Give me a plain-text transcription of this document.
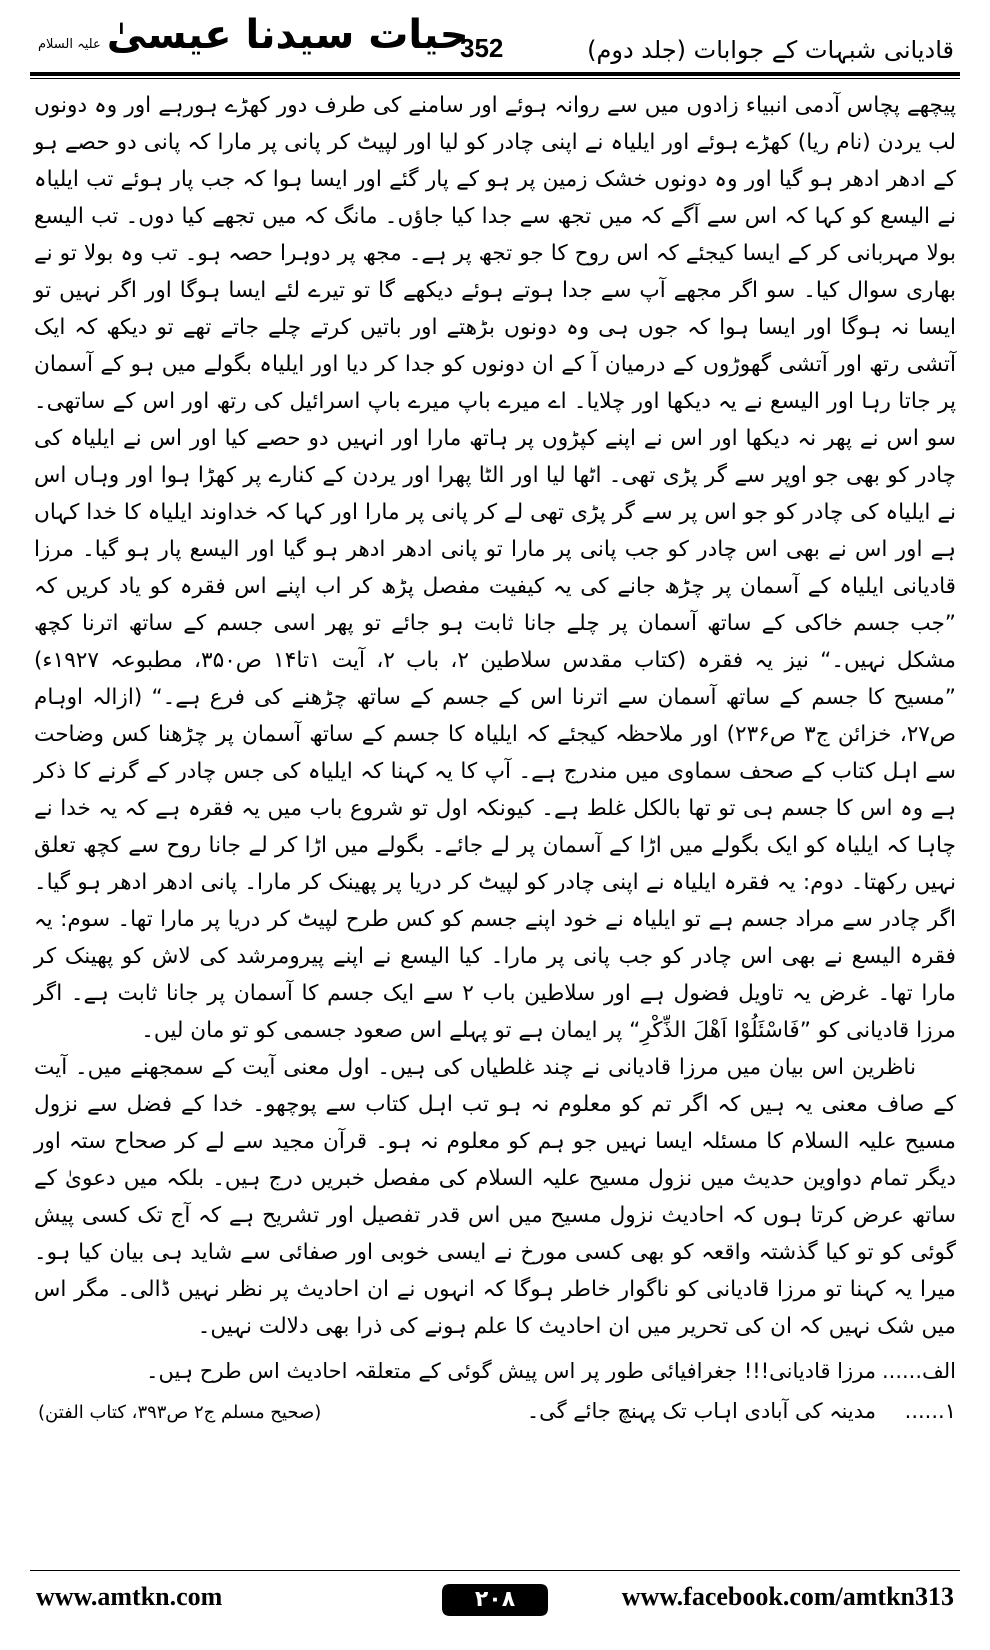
حیات سیدنا عیسیٰ
علیہ السلام	352	قادیانی شبہات کے جوابات (جلد دوم)

پیچھے پچاس آدمی انبیاء زادوں میں سے روانہ ہوئے اور سامنے کی طرف دور کھڑے ہورہے اور وہ دونوں لب یردن (نام ریا) کھڑے ہوئے اور ایلیاہ نے اپنی چادر کو لیا اور لپیٹ کر پانی پر مارا کہ پانی دو حصے ہو کے ادھر ادھر ہو گیا اور وہ دونوں خشک زمین پر ہو کے پار گئے اور ایسا ہوا کہ جب پار ہوئے تب ایلیاہ نے الیسع کو کہا کہ اس سے آگے کہ میں تجھ سے جدا کیا جاؤں۔ مانگ کہ میں تجھے کیا دوں۔ تب الیسع بولا مہربانی کر کے ایسا کیجئے کہ اس روح کا جو تجھ پر ہے۔ مجھ پر دوہرا حصہ ہو۔ تب وہ بولا تو نے بھاری سوال کیا۔ سو اگر مجھے آپ سے جدا ہوتے ہوئے دیکھے گا تو تیرے لئے ایسا ہوگا اور اگر نہیں تو ایسا نہ ہوگا اور ایسا ہوا کہ جوں ہی وہ دونوں بڑھتے اور باتیں کرتے چلے جاتے تھے تو دیکھ کہ ایک آتشی رتھ اور آتشی گھوڑوں کے درمیان آ کے ان دونوں کو جدا کر دیا اور ایلیاہ بگولے میں ہو کے آسمان پر جاتا رہا اور الیسع نے یہ دیکھا اور چلایا۔ اے میرے باپ میرے باپ اسرائیل کی رتھ اور اس کے ساتھی۔ سو اس نے پھر نہ دیکھا اور اس نے اپنے کپڑوں پر ہاتھ مارا اور انہیں دو حصے کیا اور اس نے ایلیاہ کی چادر کو بھی جو اوپر سے گر پڑی تھی۔ اٹھا لیا اور الٹا پھرا اور یردن کے کنارے پر کھڑا ہوا اور وہاں اس نے ایلیاہ کی چادر کو جو اس پر سے گر پڑی تھی لے کر پانی پر مارا اور کہا کہ خداوند ایلیاہ کا خدا کہاں ہے اور اس نے بھی اس چادر کو جب پانی پر مارا تو پانی ادھر ادھر ہو گیا اور الیسع پار ہو گیا۔ مرزا قادیانی ایلیاہ کے آسمان پر چڑھ جانے کی یہ کیفیت مفصل پڑھ کر اب اپنے اس فقرہ کو یاد کریں کہ ”جب جسم خاکی کے ساتھ آسمان پر چلے جانا ثابت ہو جائے تو پھر اسی جسم کے ساتھ اترنا کچھ مشکل نہیں۔“ نیز یہ فقرہ (کتاب مقدس سلاطین ۲، باب ۲، آیت ۱تا۱۴ ص۳۵۰، مطبوعہ ۱۹۲۷ء) ”مسیح کا جسم کے ساتھ آسمان سے اترنا اس کے جسم کے ساتھ چڑھنے کی فرع ہے۔“ (ازالہ اوہام ص۲۷، خزائن ج۳ ص۲۳۶) اور ملاحظہ کیجئے کہ ایلیاہ کا جسم کے ساتھ آسمان پر چڑھنا کس وضاحت سے اہل کتاب کے صحف سماوی میں مندرج ہے۔ آپ کا یہ کہنا کہ ایلیاہ کی جس چادر کے گرنے کا ذکر ہے وہ اس کا جسم ہی تو تھا بالکل غلط ہے۔ کیونکہ اول تو شروع باب میں یہ فقرہ ہے کہ یہ خدا نے چاہا کہ ایلیاہ کو ایک بگولے میں اڑا کے آسمان پر لے جائے۔ بگولے میں اڑا کر لے جانا روح سے کچھ تعلق نہیں رکھتا۔ دوم: یہ فقرہ ایلیاہ نے اپنی چادر کو لپیٹ کر دریا پر پھینک کر مارا۔ پانی ادھر ادھر ہو گیا۔ اگر چادر سے مراد جسم ہے تو ایلیاہ نے خود اپنے جسم کو کس طرح لپیٹ کر دریا پر مارا تھا۔ سوم: یہ فقرہ الیسع نے بھی اس چادر کو جب پانی پر مارا۔ کیا الیسع نے اپنے پیرومرشد کی لاش کو پھینک کر مارا تھا۔ غرض یہ تاویل فضول ہے اور سلاطین باب ۲ سے ایک جسم کا آسمان پر جانا ثابت ہے۔ اگر مرزا قادیانی کو ”فَاسْئَلُوْا اَهْلَ الذِّکْرِ“ پر ایمان ہے تو پہلے اس صعود جسمی کو تو مان لیں۔

ناظرین اس بیان میں مرزا قادیانی نے چند غلطیاں کی ہیں۔ اول معنی آیت کے سمجھنے میں۔ آیت کے صاف معنی یہ ہیں کہ اگر تم کو معلوم نہ ہو تب اہل کتاب سے پوچھو۔ خدا کے فضل سے نزول مسیح علیہ السلام کا مسئلہ ایسا نہیں جو ہم کو معلوم نہ ہو۔ قرآن مجید سے لے کر صحاح ستہ اور دیگر تمام دواوین حدیث میں نزول مسیح علیہ السلام کی مفصل خبریں درج ہیں۔ بلکہ میں دعویٰ کے ساتھ عرض کرتا ہوں کہ احادیث نزول مسیح میں اس قدر تفصیل اور تشریح ہے کہ آج تک کسی پیش گوئی کو تو کیا گذشتہ واقعہ کو بھی کسی مورخ نے ایسی خوبی اور صفائی سے شاید ہی بیان کیا ہو۔ میرا یہ کہنا تو مرزا قادیانی کو ناگوار خاطر ہوگا کہ انہوں نے ان احادیث پر نظر نہیں ڈالی۔ مگر اس میں شک نہیں کہ ان کی تحریر میں ان احادیث کا علم ہونے کی ذرا بھی دلالت نہیں۔

الف......
مرزا قادیانی!!! جغرافیائی طور پر اس پیش گوئی کے متعلقہ احادیث اس طرح ہیں۔
۱......
مدینہ کی آبادی اہاب تک پہنچ جائے گی۔
(صحیح مسلم ج۲ ص۳۹۳، کتاب الفتن)
www.amtkn.com	www.facebook.com/amtkn313
۲۰۸
